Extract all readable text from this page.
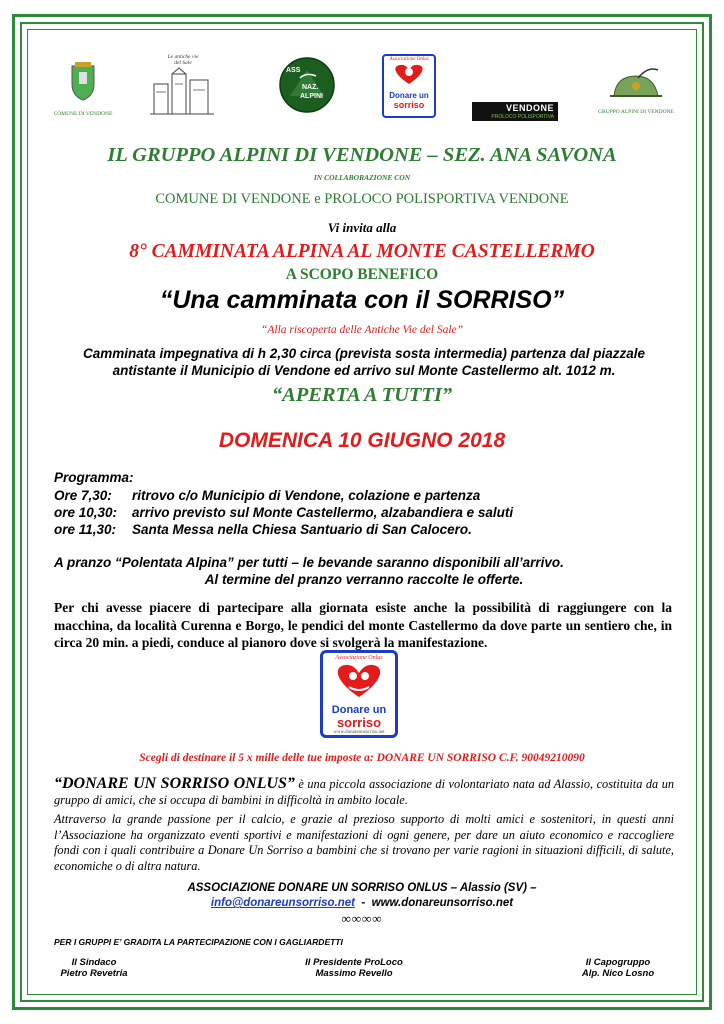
COMUNE DI VENDONE
Le antiche vie
del Sale
ASS
NAZ.
ALPINI
Associazione Onlus
Donare un
sorriso	VENDONE
PROLOCO POLISPORTIVA
GRUPPO ALPINI DI VENDONE
IL GRUPPO ALPINI DI VENDONE – SEZ. ANA SAVONA
IN COLLABORAZIONE CON
COMUNE DI VENDONE e PROLOCO POLISPORTIVA VENDONE
Vi invita alla
8° CAMMINATA ALPINA AL MONTE CASTELLERMO
A SCOPO BENEFICO
“Una camminata con il SORRISO”
“Alla riscoperta delle Antiche Vie del Sale”
Camminata impegnativa di h 2,30 circa (prevista sosta intermedia) partenza dal piazzale
antistante il Municipio di Vendone ed arrivo sul Monte Castellermo alt. 1012 m.
“APERTA A TUTTI”
DOMENICA 10 GIUGNO 2018
Programma:
Ore 7,30: ritrovo c/o Municipio di Vendone, colazione e partenza
ore 10,30: arrivo previsto sul Monte Castellermo, alzabandiera e saluti
ore 11,30: Santa Messa nella Chiesa Santuario di San Calocero.
A pranzo “Polentata Alpina” per tutti – le bevande saranno disponibili all’arrivo.
Al termine del pranzo verranno raccolte le offerte.
Per chi avesse piacere di partecipare alla giornata esiste anche la possibilità di raggiungere con la macchina, da località Curenna e Borgo, le pendici del monte Castellermo da dove parte un sentiero che, in circa 20 min. a piedi, conduce al pianoro dove si svolgerà la manifestazione.
Associazione Onlus
Donare un
sorriso
www.donareunsorriso.net
Scegli di destinare il 5 x mille delle tue imposte a: DONARE UN SORRISO C.F. 90049210090
“DONARE UN SORRISO ONLUS” è una piccola associazione di volontariato nata ad Alassio, costituita da un gruppo di amici, che si occupa di bambini in difficoltà in ambito locale.
Attraverso la grande passione per il calcio, e grazie al prezioso supporto di molti amici e sostenitori, in questi anni l’Associazione ha organizzato eventi sportivi e manifestazioni di ogni genere, per dare un aiuto economico e raccogliere fondi con i quali contribuire a Donare Un Sorriso a bambini che si trovano per varie ragioni in situazioni difficili, di salute, economiche o di altra natura.
ASSOCIAZIONE DONARE UN SORRISO ONLUS – Alassio (SV) –
info@donareunsorriso.net  -  www.donareunsorriso.net
∞∞∞∞
PER I GRUPPI E’ GRADITA LA PARTECIPAZIONE CON I GAGLIARDETTI
Il Sindaco
Pietro Revetria
Il Presidente ProLoco
Massimo Revello
Il Capogruppo
Alp. Nico Losno
